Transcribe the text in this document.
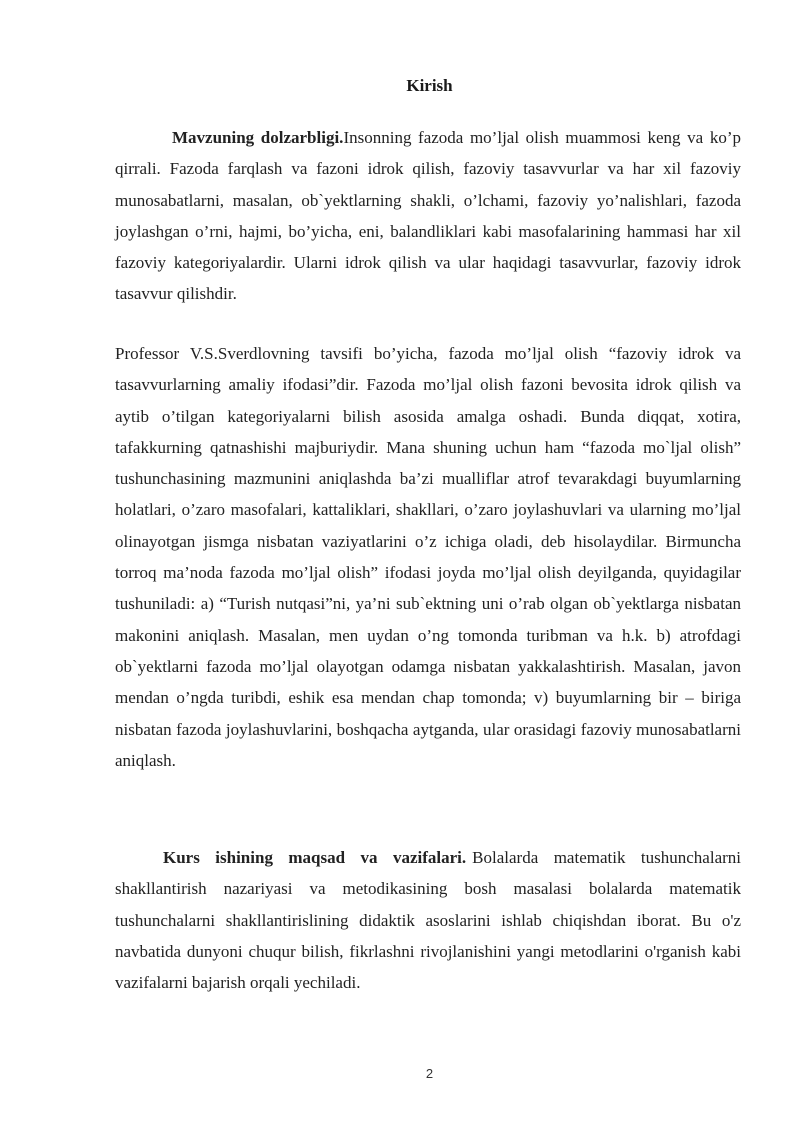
Kirish

Mavzuning dolzarbligi.Insonning fazoda mo’ljal olish muammosi keng va ko’p qirrali. Fazoda farqlash va fazoni idrok qilish, fazoviy tasavvurlar va har xil fazoviy munosabatlarni, masalan, ob`yektlarning shakli, o’lchami, fazoviy yo’nalishlari, fazoda joylashgan o’rni, hajmi, bo’yicha, eni, balandliklari kabi masofalarining hammasi har xil fazoviy kategoriyalardir. Ularni idrok qilish va ular haqidagi tasavvurlar, fazoviy idrok tasavvur qilishdir.

Professor V.S.Sverdlovning tavsifi bo’yicha, fazoda mo’ljal olish “fazoviy idrok va tasavvurlarning amaliy ifodasi”dir. Fazoda mo’ljal olish fazoni bevosita idrok qilish va aytib o’tilgan kategoriyalarni bilish asosida amalga oshadi. Bunda diqqat, xotira, tafakkurning qatnashishi majburiydir. Mana shuning uchun ham “fazoda mo`ljal olish” tushunchasining mazmunini aniqlashda ba’zi mualliflar atrof tevarakdagi buyumlarning holatlari, o’zaro masofalari, kattaliklari, shakllari, o’zaro joylashuvlari va ularning mo’ljal olinayotgan jismga nisbatan vaziyatlarini o’z ichiga oladi, deb hisolaydilar. Birmuncha torroq ma’noda fazoda mo’ljal olish” ifodasi joyda mo’ljal olish deyilganda, quyidagilar tushuniladi: a) “Turish nutqasi”ni, ya’ni sub`ektning uni o’rab olgan ob`yektlarga nisbatan makonini aniqlash. Masalan, men uydan o’ng tomonda turibman va h.k. b) atrofdagi ob`yektlarni fazoda mo’ljal olayotgan odamga nisbatan yakkalashtirish. Masalan, javon mendan o’ngda turibdi, eshik esa mendan chap tomonda; v) buyumlarning bir – biriga nisbatan fazoda joylashuvlarini, boshqacha aytganda, ular orasidagi fazoviy munosabatlarni aniqlash.

Kurs ishining maqsad va vazifalari. Bolalarda matematik tushunchalarni shakllantirish nazariyasi va metodikasining bosh masalasi bolalarda matematik tushunchalarni shakllantirislining didaktik asoslarini ishlab chiqishdan iborat. Bu o'z navbatida dunyoni chuqur bilish, fikrlashni rivojlanishini yangi metodlarini o'rganish kabi vazifalarni bajarish orqali yechiladi.

2
